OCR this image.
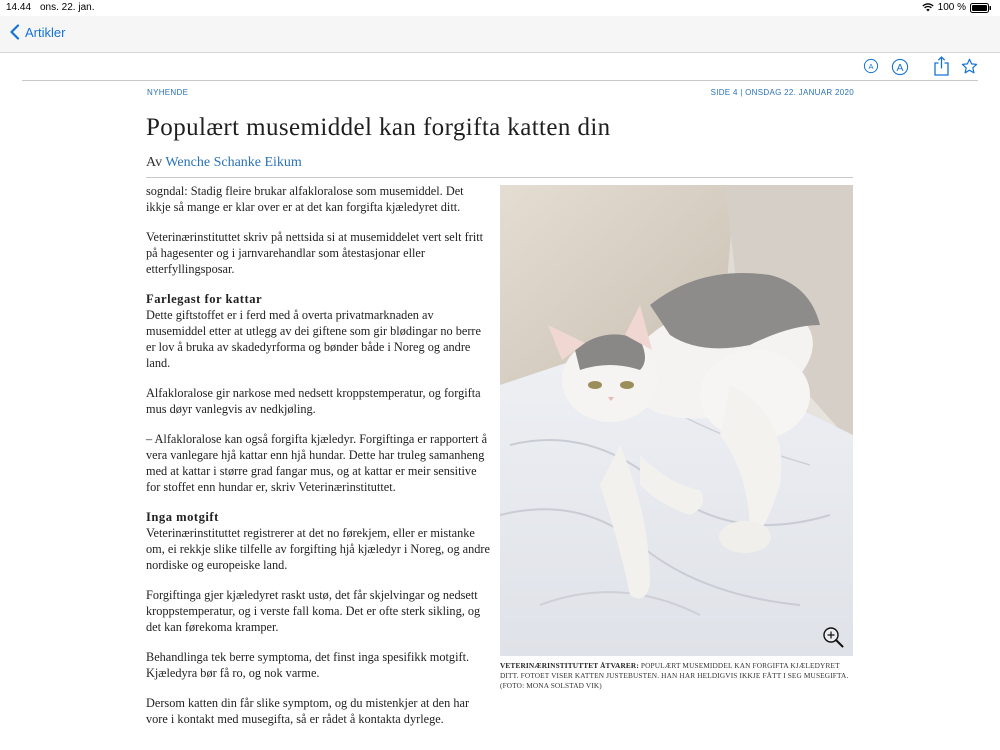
14.44 ons. 22. jan.	100 %
Artikler
A A
NYHENDE	SIDE 4 | ONSDAG 22. JANUAR 2020
Populært musemiddel kan forgifta katten din
Av Wenche Schanke Eikum

sogndal: Stadig fleire brukar alfakloralose som musemiddel. Det ikkje så mange er klar over er at det kan forgifta kjæledyret ditt.

Veterinærinstituttet skriv på nettsida si at musemiddelet vert selt fritt på hagesenter og i jarnvarehandlar som åtestasjonar eller etterfyllingsposar.

Farlegast for kattar

Dette giftstoffet er i ferd med å overta privatmarknaden av musemiddel etter at utlegg av dei giftene som gir blødingar no berre er lov å bruka av skadedyrforma og bønder både i Noreg og andre land.

Alfakloralose gir narkose med nedsett kroppstemperatur, og forgifta mus døyr vanlegvis av nedkjøling.

– Alfakloralose kan også forgifta kjæledyr. Forgiftinga er rapportert å vera vanlegare hjå kattar enn hjå hundar. Dette har truleg samanheng med at kattar i større grad fangar mus, og at kattar er meir sensitive for stoffet enn hundar er, skriv Veterinærinstituttet.

Inga motgift

Veterinærinstituttet registrerer at det no førekjem, eller er mistanke om, ei rekkje slike tilfelle av forgifting hjå kjæledyr i Noreg, og andre nordiske og europeiske land.

Forgiftinga gjer kjæledyret raskt ustø, det får skjelvingar og nedsett kroppstemperatur, og i verste fall koma. Det er ofte sterk sikling, og det kan førekoma kramper.

Behandlinga tek berre symptoma, det finst inga spesifikk motgift. Kjæledyra bør få ro, og nok varme.

Dersom katten din får slike symptom, og du mistenkjer at den har vore i kontakt med musegifta, så er rådet å kontakta dyrlege.

VETERINÆRINSTITUTTET ÅTVARER: POPULÆRT MUSEMIDDEL KAN FORGIFTA KJÆLEDYRET DITT. FOTOET VISER KATTEN JUSTEBUSTEN. HAN HAR HELDIGVIS IKKJE FÅTT I SEG MUSEGIFTA.(FOTO: MONA SOLSTAD VIK)
